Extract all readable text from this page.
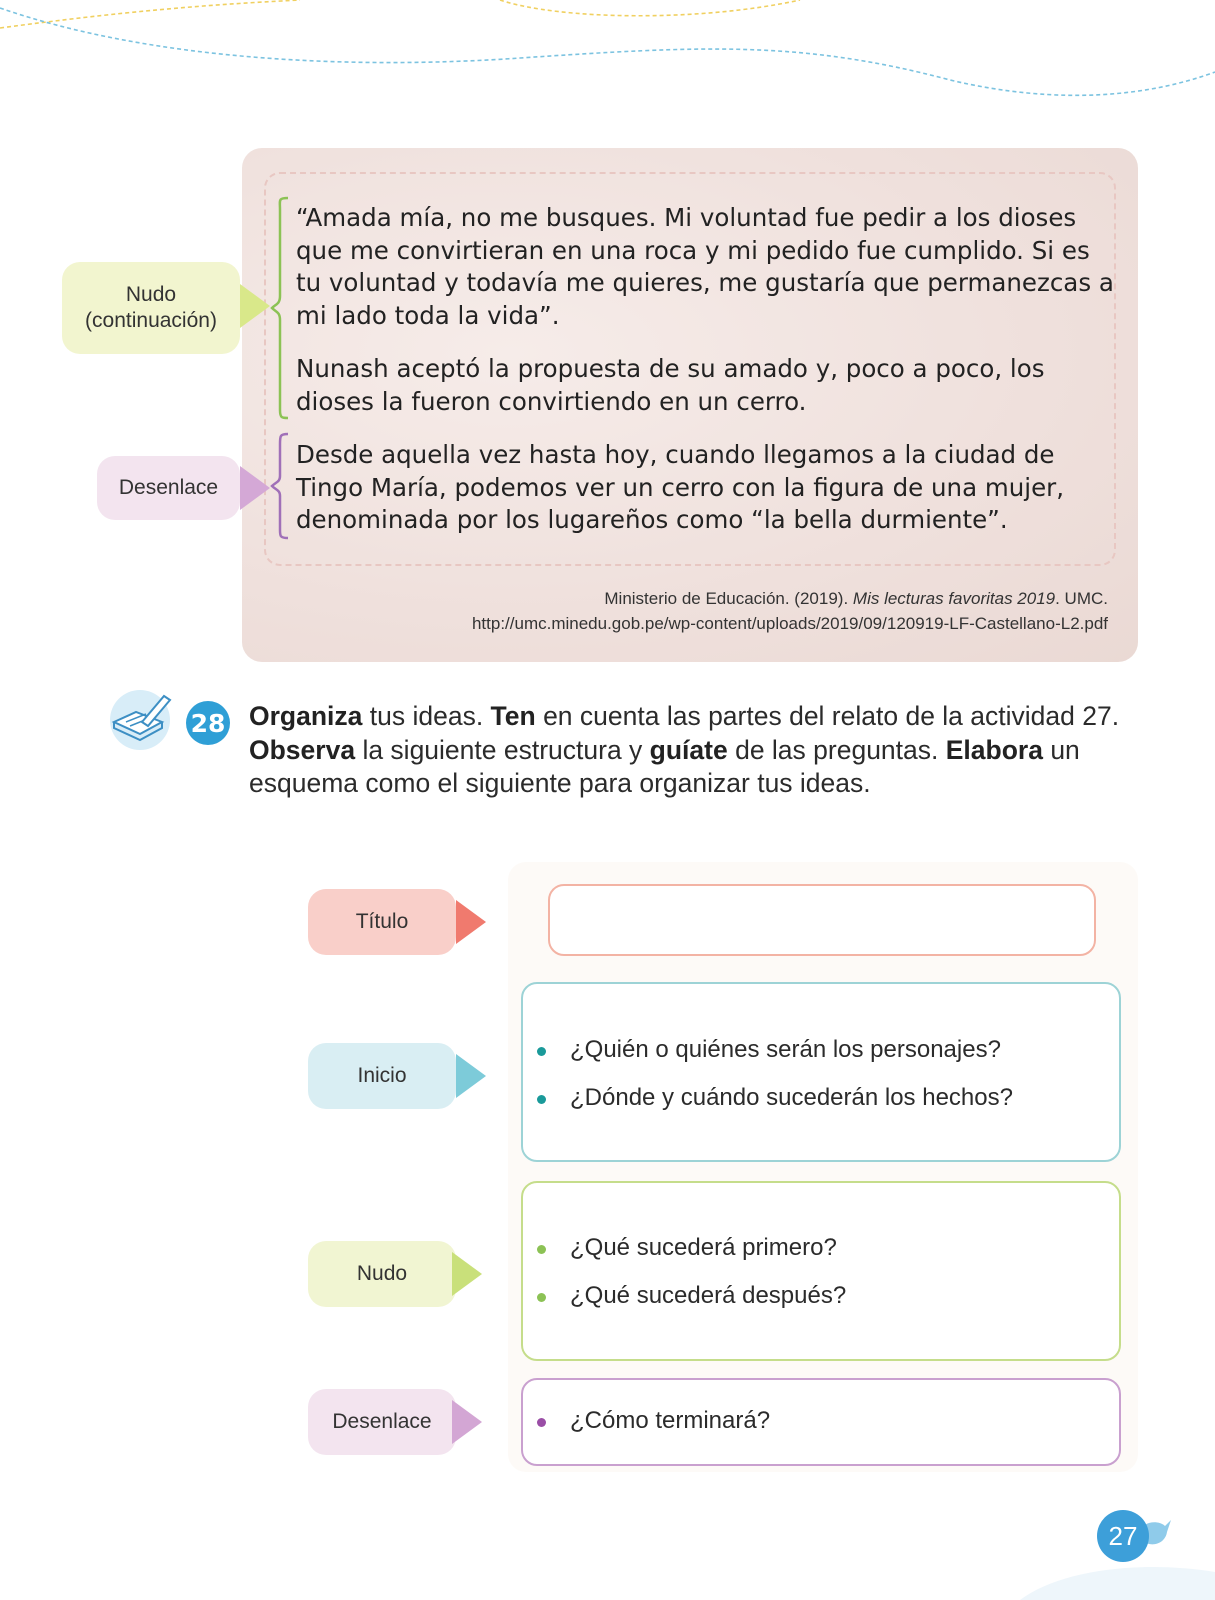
“Amada mía, no me busques. Mi voluntad fue pedir a los dioses que me convirtieran en una roca y mi pedido fue cumplido. Si es tu voluntad y todavía me quieres, me gustaría que permanezcas a mi lado toda la vida”.
Nunash aceptó la propuesta de su amado y, poco a poco, los dioses la fueron convirtiendo en un cerro.
Desde aquella vez hasta hoy, cuando llegamos a la ciudad de Tingo María, podemos ver un cerro con la figura de una mujer, denominada por los lugareños como “la bella durmiente”.
Ministerio de Educación. (2019). Mis lecturas favoritas 2019. UMC.
http://umc.minedu.gob.pe/wp-content/uploads/2019/09/120919-LF-Castellano-L2.pdf
Nudo
(continuación)
Desenlace
28 Organiza tus ideas. Ten en cuenta las partes del relato de la actividad 27. Observa la siguiente estructura y guíate de las preguntas. Elabora un esquema como el siguiente para organizar tus ideas.
Título
Inicio
¿Quién o quiénes serán los personajes?
¿Dónde y cuándo sucederán los hechos?
Nudo
¿Qué sucederá primero?
¿Qué sucederá después?
Desenlace	¿Cómo terminará?
27
